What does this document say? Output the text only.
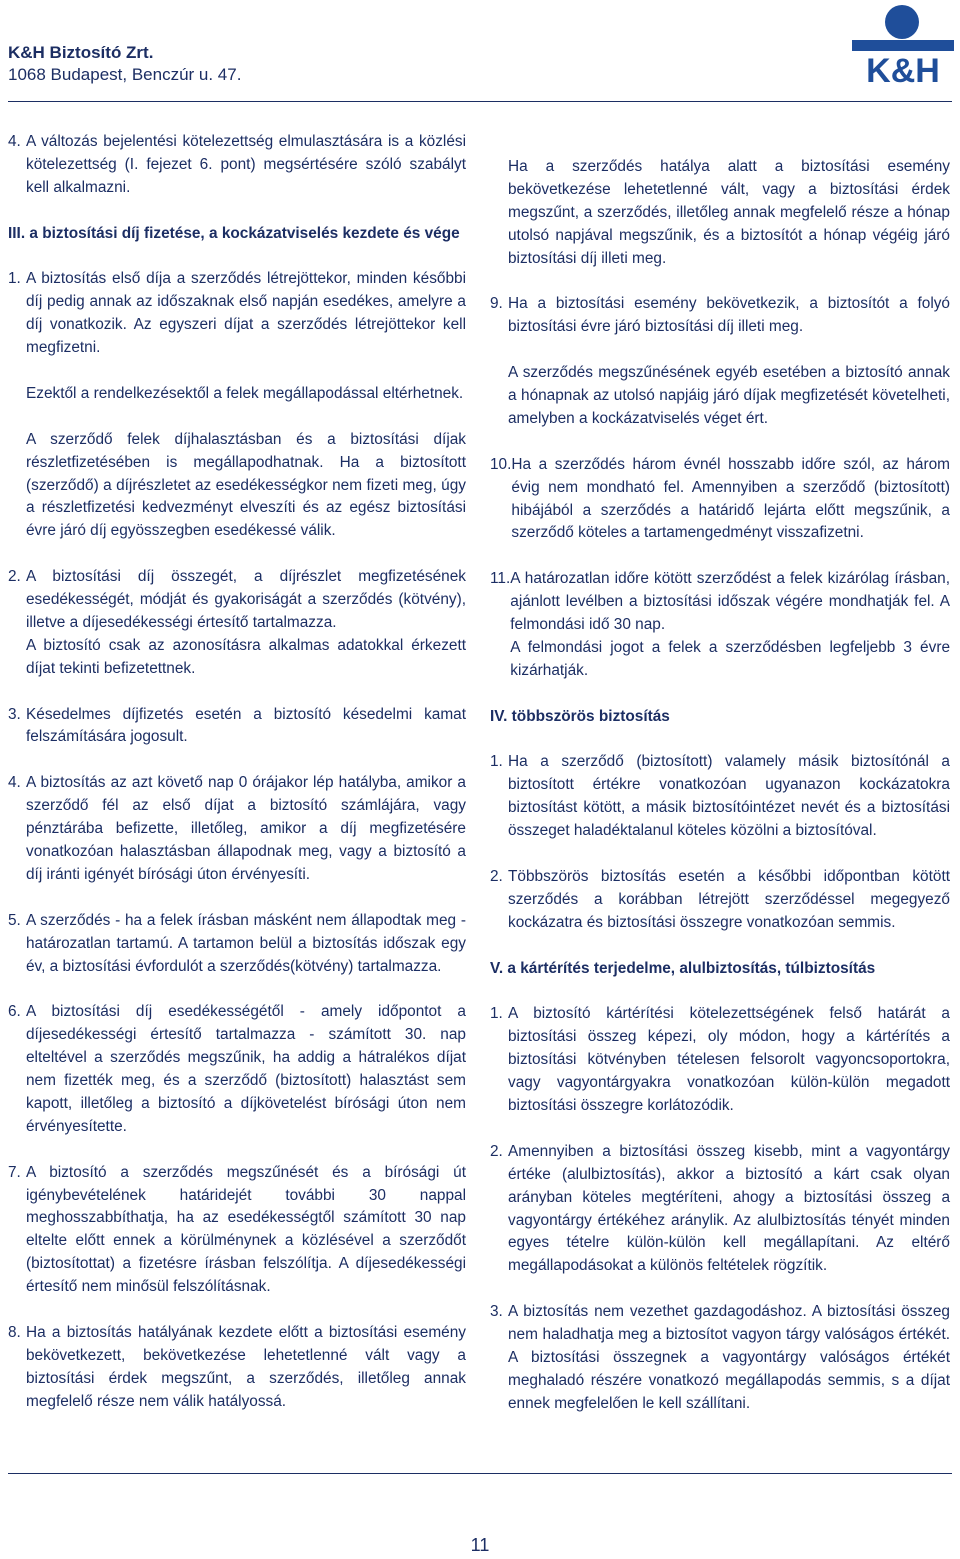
K&H Biztosító Zrt.
1068 Budapest, Benczúr u. 47.	K&H
4. A változás bejelentési kötelezettség elmulasztására is a közlési kötelezettség (I. fejezet 6. pont) megsértésére szóló szabályt kell alkalmazni.
III. a biztosítási díj fizetése, a kockázatviselés kezdete és vége
1. A biztosítás első díja a szerződés létrejöttekor, minden későbbi díj pedig annak az időszaknak első napján esedékes, amelyre a díj vonatkozik. Az egyszeri díjat a szerződés létrejöttekor kell megfizetni.
Ezektől a rendelkezésektől a felek megállapodással eltérhetnek.
A szerződő felek díjhalasztásban és a biztosítási díjak részletfizetésében is megállapodhatnak. Ha a biztosított (szerződő) a díjrészletet az esedékességkor nem fizeti meg, úgy a részletfizetési kedvezményt elveszíti és az egész biztosítási évre járó díj egyösszegben esedékessé válik.
2. A biztosítási díj összegét, a díjrészlet megfizetésének esedékességét, módját és gyakoriságát a szerződés (kötvény), illetve a díjesedékességi értesítő tartalmazza.
A biztosító csak az azonosításra alkalmas adatokkal érkezett díjat tekinti befizetettnek.
3. Késedelmes díjfizetés esetén a biztosító késedelmi kamat felszámítására jogosult.
4. A biztosítás az azt követő nap 0 órájakor lép hatályba, amikor a szerződő fél az első díjat a biztosító számlájára, vagy pénztárába befizette, illetőleg, amikor a díj megfizetésére vonatkozóan halasztásban állapodnak meg, vagy a biztosító a díj iránti igényét bírósági úton érvényesíti.
5. A szerződés - ha a felek írásban másként nem állapodtak meg - határozatlan tartamú. A tartamon belül a biztosítás időszak egy év, a biztosítási évfordulót a szerződés(kötvény) tartalmazza.
6. A biztosítási díj esedékességétől - amely időpontot a díjesedékességi értesítő tartalmazza - számított 30. nap elteltével a szerződés megszűnik, ha addig a hátralékos díjat nem fizették meg, és a szerződő (biztosított) halasztást sem kapott, illetőleg a biztosító a díjkövetelést bírósági úton nem érvényesítette.
7. A biztosító a szerződés megszűnését és a bírósági út igénybevételének határidejét további 30 nappal meghosszabbíthatja, ha az esedékességtől számított 30 nap eltelte előtt ennek a körülménynek a közlésével a szerződőt (biztosítottat) a fizetésre írásban felszólítja. A díjesedékességi értesítő nem minősül felszólításnak.
8. Ha a biztosítás hatályának kezdete előtt a biztosítási esemény bekövetkezett, bekövetkezése lehetetlenné vált vagy a biztosítási érdek megszűnt, a szerződés, illetőleg annak megfelelő része nem válik hatályossá.
Ha a szerződés hatálya alatt a biztosítási esemény bekövetkezése lehetetlenné vált, vagy a biztosítási érdek megszűnt, a szerződés, illetőleg annak megfelelő része a hónap utolsó napjával megszűnik, és a biztosítót a hónap végéig járó biztosítási díj illeti meg.
9. Ha a biztosítási esemény bekövetkezik, a biztosítót a folyó biztosítási évre járó biztosítási díj illeti meg.
A szerződés megszűnésének egyéb esetében a biztosító annak a hónapnak az utolsó napjáig járó díjak megfizetését követelheti, amelyben a kockázatviselés véget ért.
10. Ha a szerződés három évnél hosszabb időre szól, az három évig nem mondható fel. Amennyiben a szerződő (biztosított) hibájából a szerződés a határidő lejárta előtt megszűnik, a szerződő köteles a tartamengedményt visszafizetni.
11. A határozatlan időre kötött szerződést a felek kizárólag írásban, ajánlott levélben a biztosítási időszak végére mondhatják fel. A felmondási idő 30 nap.
A felmondási jogot a felek a szerződésben legfeljebb 3 évre kizárhatják.
IV. többszörös biztosítás
1. Ha a szerződő (biztosított) valamely másik biztosítónál a biztosított értékre vonatkozóan ugyanazon kockázatokra biztosítást kötött, a másik biztosítóintézet nevét és a biztosítási összeget haladéktalanul köteles közölni a biztosítóval.
2. Többszörös biztosítás esetén a későbbi időpontban kötött szerződés a korábban létrejött szerződéssel megegyező kockázatra és biztosítási összegre vonatkozóan semmis.
V. a kártérítés terjedelme, alulbiztosítás, túlbiztosítás
1. A biztosító kártérítési kötelezettségének felső határát a biztosítási összeg képezi, oly módon, hogy a kártérítés a biztosítási kötvényben tételesen felsorolt vagyoncsoportokra, vagy vagyontárgyakra vonatkozóan külön-külön megadott biztosítási összegre korlátozódik.
2. Amennyiben a biztosítási összeg kisebb, mint a vagyontárgy értéke (alulbiztosítás), akkor a biztosító a kárt csak olyan arányban köteles megtéríteni, ahogy a biztosítási összeg a vagyontárgy értékéhez aránylik. Az alulbiztosítás tényét minden egyes tételre külön-külön kell megállapítani. Az eltérő megállapodásokat a különös feltételek rögzítik.
3. A biztosítás nem vezethet gazdagodáshoz. A biztosítási összeg nem haladhatja meg a biztosítot vagyon tárgy valóságos értékét. A biztosítási összegnek a vagyontárgy valóságos értékét meghaladó részére vonatkozó megállapodás semmis, s a díjat ennek megfelelően le kell szállítani.
11
